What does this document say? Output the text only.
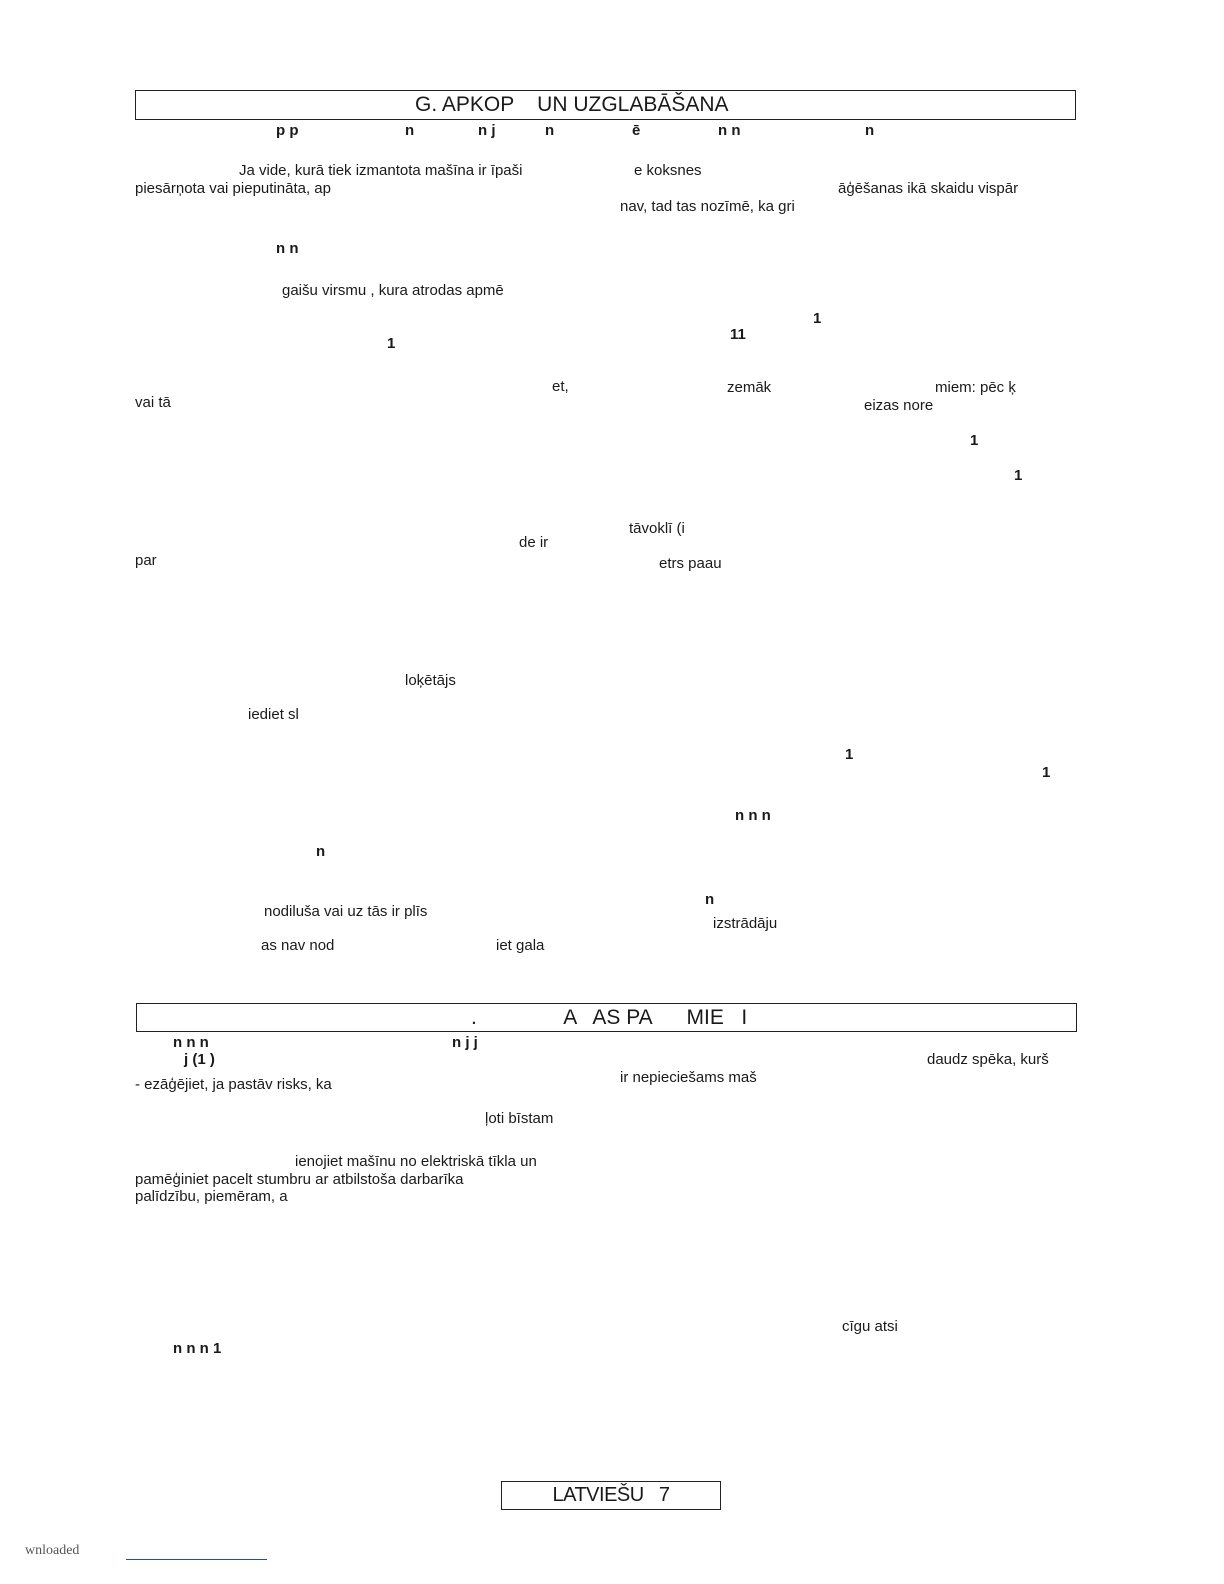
G. APKOP    UN UZGLABĀŠANA
p p	n	n j	n	ē	n n	n
Ja vide, kurā tiek izmantota mašīna ir īpaši	e koksnes
piesārņota vai pieputināta, ap	āģēšanas ikā skaidu vispār
nav, tad tas nozīmē, ka gri
n n
gaišu virsmu , kura atrodas apmē
1
11
1
et,	zemāk	miem: pēc ķ
vai tā	eizas nore
1
1
tāvoklī (i
de ir
par	etrs paau
loķētājs
iediet sl
1
1
n n n
n
n
nodiluša vai uz tās ir plīs
izstrādāju
as nav nod	iet gala
.               A   AS PA      MIE   I
n n n	n j j
j (1 )	daudz spēka, kurš
- ezāģējiet, ja pastāv risks, ka	ir nepieciešams maš
ļoti bīstam
ienojiet mašīnu no elektriskā tīkla un
pamēģiniet pacelt stumbru ar atbilstoša darbarīka
palīdzību, piemēram, a
cīgu atsi
n n n 1
LATVIEŠU   7
wnloaded
